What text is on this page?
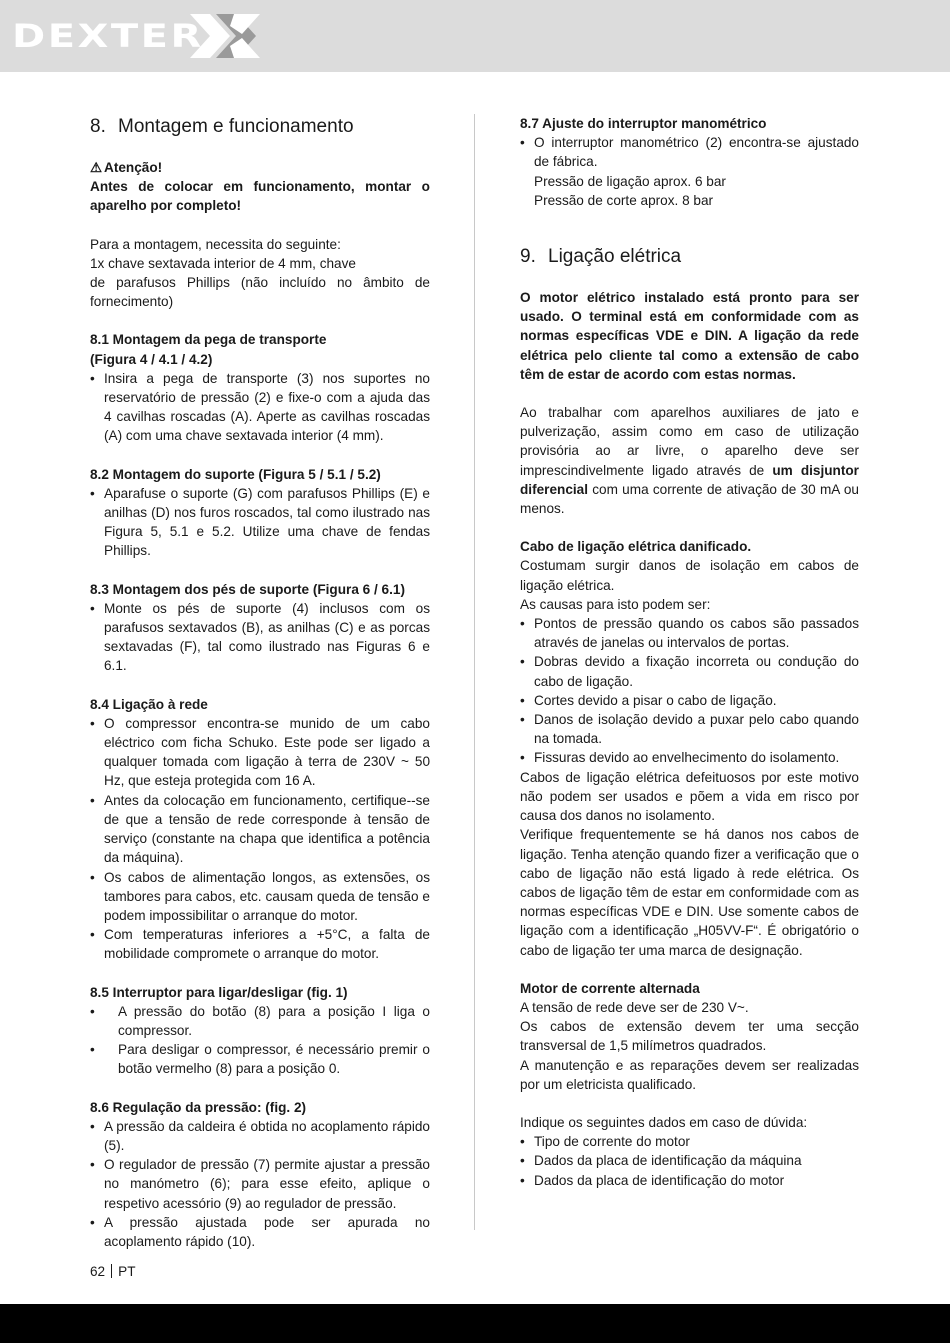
DEXTER
8. Montagem e funcionamento

⚠ Atenção!

Antes de colocar em funcionamento, montar o aparelho por completo!

Para a montagem, necessita do seguinte:

1x chave sextavada interior de 4 mm, chave

de parafusos Phillips (não incluído no âmbito de fornecimento)

8.1 Montagem da pega de transporte

(Figura 4 / 4.1 / 4.2)

• Insira a pega de transporte (3) nos suportes no reservatório de pressão (2) e fixe-o com a ajuda das 4 cavilhas roscadas (A). Aperte as cavilhas roscadas (A) com uma chave sextavada interior (4 mm).

8.2 Montagem do suporte (Figura 5 / 5.1 / 5.2)

• Aparafuse o suporte (G) com parafusos Phillips (E) e anilhas (D) nos furos roscados, tal como ilustrado nas Figura 5, 5.1 e 5.2. Utilize uma chave de fendas Phillips.

8.3 Montagem dos pés de suporte (Figura 6 / 6.1)

• Monte os pés de suporte (4) inclusos com os parafusos sextavados (B), as anilhas (C) e as porcas sextavadas (F), tal como ilustrado nas Figuras 6 e 6.1.

8.4 Ligação à rede

• O compressor encontra-se munido de um cabo eléctrico com ficha Schuko. Este pode ser ligado a qualquer tomada com ligação à terra de 230V ~ 50 Hz, que esteja protegida com 16 A.
• Antes da colocação em funcionamento, certifique--se de que a tensão de rede corresponde à tensão de serviço (constante na chapa que identifica a potência da máquina).
• Os cabos de alimentação longos, as extensões, os tambores para cabos, etc. causam queda de tensão e podem impossibilitar o arranque do motor.
• Com temperaturas inferiores a +5°C, a falta de mobilidade compromete o arranque do motor.

8.5 Interruptor para ligar/desligar (fig. 1)

• A pressão do botão (8) para a posição I liga o compressor.
• Para desligar o compressor, é necessário premir o botão vermelho (8) para a posição 0.

8.6 Regulação da pressão: (fig. 2)

• A pressão da caldeira é obtida no acoplamento rápido (5).
• O regulador de pressão (7) permite ajustar a pressão no manómetro (6); para esse efeito, aplique o respetivo acessório (9) ao regulador de pressão.
• A pressão ajustada pode ser apurada no acoplamento rápido (10).

8.7 Ajuste do interruptor manométrico

• O interruptor manométrico (2) encontra-se ajustado de fábrica.

Pressão de ligação aprox. 6 bar

Pressão de corte aprox. 8 bar

9. Ligação elétrica

O motor elétrico instalado está pronto para ser usado. O terminal está em conformidade com as normas específicas VDE e DIN. A ligação da rede elétrica pelo cliente tal como a extensão de cabo têm de estar de acordo com estas normas.

Ao trabalhar com aparelhos auxiliares de jato e pulverização, assim como em caso de utilização provisória ao ar livre, o aparelho deve ser imprescindivelmente ligado através de um disjuntor diferencial com uma corrente de ativação de 30 mA ou menos.

Cabo de ligação elétrica danificado.

Costumam surgir danos de isolação em cabos de ligação elétrica.

As causas para isto podem ser:

• Pontos de pressão quando os cabos são passados através de janelas ou intervalos de portas.
• Dobras devido a fixação incorreta ou condução do cabo de ligação.
• Cortes devido a pisar o cabo de ligação.
• Danos de isolação devido a puxar pelo cabo quando na tomada.
• Fissuras devido ao envelhecimento do isolamento.

Cabos de ligação elétrica defeituosos por este motivo não podem ser usados e põem a vida em risco por causa dos danos no isolamento.

Verifique frequentemente se há danos nos cabos de ligação. Tenha atenção quando fizer a verificação que o cabo de ligação não está ligado à rede elétrica. Os cabos de ligação têm de estar em conformidade com as normas específicas VDE e DIN. Use somente cabos de ligação com a identificação „H05VV-F“. É obrigatório o cabo de ligação ter uma marca de designação.

Motor de corrente alternada

A tensão de rede deve ser de 230 V~.

Os cabos de extensão devem ter uma secção transversal de 1,5 milímetros quadrados.

A manutenção e as reparações devem ser realizadas por um eletricista qualificado.

Indique os seguintes dados em caso de dúvida:

• Tipo de corrente do motor
• Dados da placa de identificação da máquina
• Dados da placa de identificação do motor
62 PT
